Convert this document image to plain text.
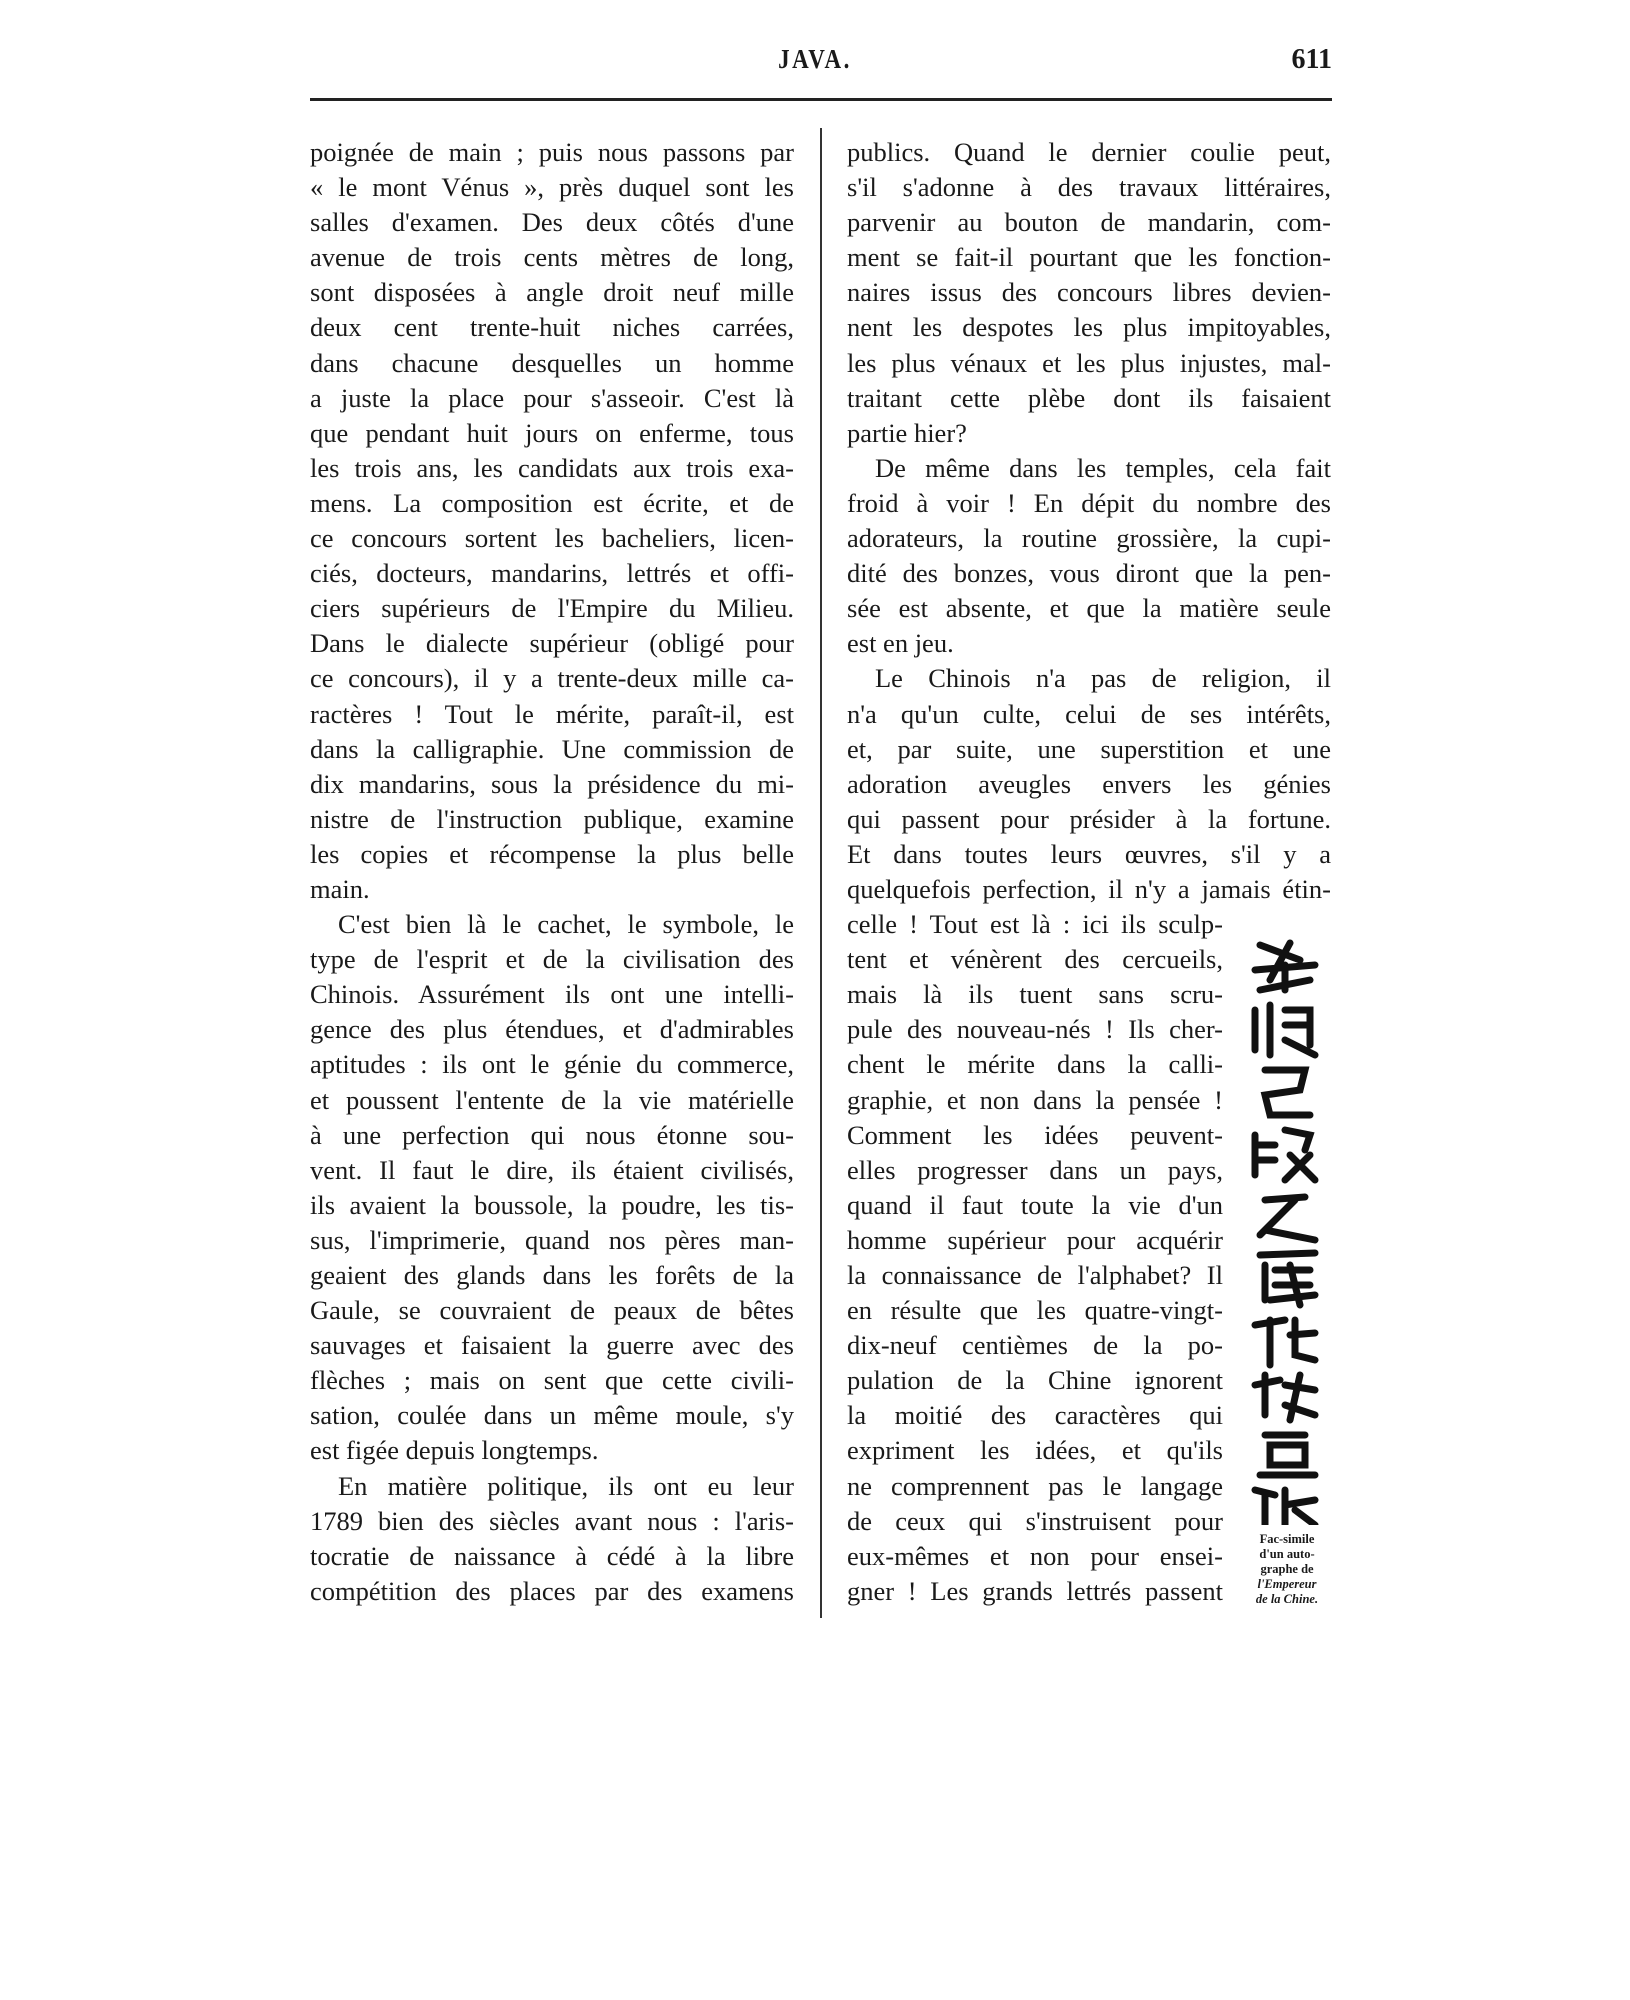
JAVA.	611
poignée de main ; puis nous passons par
« le mont Vénus », près duquel sont les
salles d'examen. Des deux côtés d'une
avenue de trois cents mètres de long,
sont disposées à angle droit neuf mille
deux cent trente-huit niches carrées,
dans chacune desquelles un homme
a juste la place pour s'asseoir. C'est là
que pendant huit jours on enferme, tous
les trois ans, les candidats aux trois exa-
mens. La composition est écrite, et de
ce concours sortent les bacheliers, licen-
ciés, docteurs, mandarins, lettrés et offi-
ciers supérieurs de l'Empire du Milieu.
Dans le dialecte supérieur (obligé pour
ce concours), il y a trente-deux mille ca-
ractères ! Tout le mérite, paraît-il, est
dans la calligraphie. Une commission de
dix mandarins, sous la présidence du mi-
nistre de l'instruction publique, examine
les copies et récompense la plus belle
main.
C'est bien là le cachet, le symbole, le
type de l'esprit et de la civilisation des
Chinois. Assurément ils ont une intelli-
gence des plus étendues, et d'admirables
aptitudes : ils ont le génie du commerce,
et poussent l'entente de la vie matérielle
à une perfection qui nous étonne sou-
vent. Il faut le dire, ils étaient civilisés,
ils avaient la boussole, la poudre, les tis-
sus, l'imprimerie, quand nos pères man-
geaient des glands dans les forêts de la
Gaule, se couvraient de peaux de bêtes
sauvages et faisaient la guerre avec des
flèches ; mais on sent que cette civili-
sation, coulée dans un même moule, s'y
est figée depuis longtemps.
En matière politique, ils ont eu leur
1789 bien des siècles avant nous : l'aris-
tocratie de naissance à cédé à la libre
compétition des places par des examens
publics. Quand le dernier coulie peut,
s'il s'adonne à des travaux littéraires,
parvenir au bouton de mandarin, com-
ment se fait-il pourtant que les fonction-
naires issus des concours libres devien-
nent les despotes les plus impitoyables,
les plus vénaux et les plus injustes, mal-
traitant cette plèbe dont ils faisaient
partie hier?
De même dans les temples, cela fait
froid à voir ! En dépit du nombre des
adorateurs, la routine grossière, la cupi-
dité des bonzes, vous diront que la pen-
sée est absente, et que la matière seule
est en jeu.
Le Chinois n'a pas de religion, il
n'a qu'un culte, celui de ses intérêts,
et, par suite, une superstition et une
adoration aveugles envers les génies
qui passent pour présider à la fortune.
Et dans toutes leurs œuvres, s'il y a
quelquefois perfection, il n'y a jamais étin-
celle ! Tout est là : ici ils sculp-
tent et vénèrent des cercueils,
mais là ils tuent sans scru-
pule des nouveau-nés ! Ils cher-
chent le mérite dans la calli-
graphie, et non dans la pensée !
Comment les idées peuvent-
elles progresser dans un pays,
quand il faut toute la vie d'un
homme supérieur pour acquérir
la connaissance de l'alphabet? Il
en résulte que les quatre-vingt-
dix-neuf centièmes de la po-
pulation de la Chine ignorent
la moitié des caractères qui
expriment les idées, et qu'ils
ne comprennent pas le langage
de ceux qui s'instruisent pour
eux-mêmes et non pour ensei-
gner ! Les grands lettrés passent
Fac-simile
d'un auto-
graphe de
l'Empereur
de la Chine.
